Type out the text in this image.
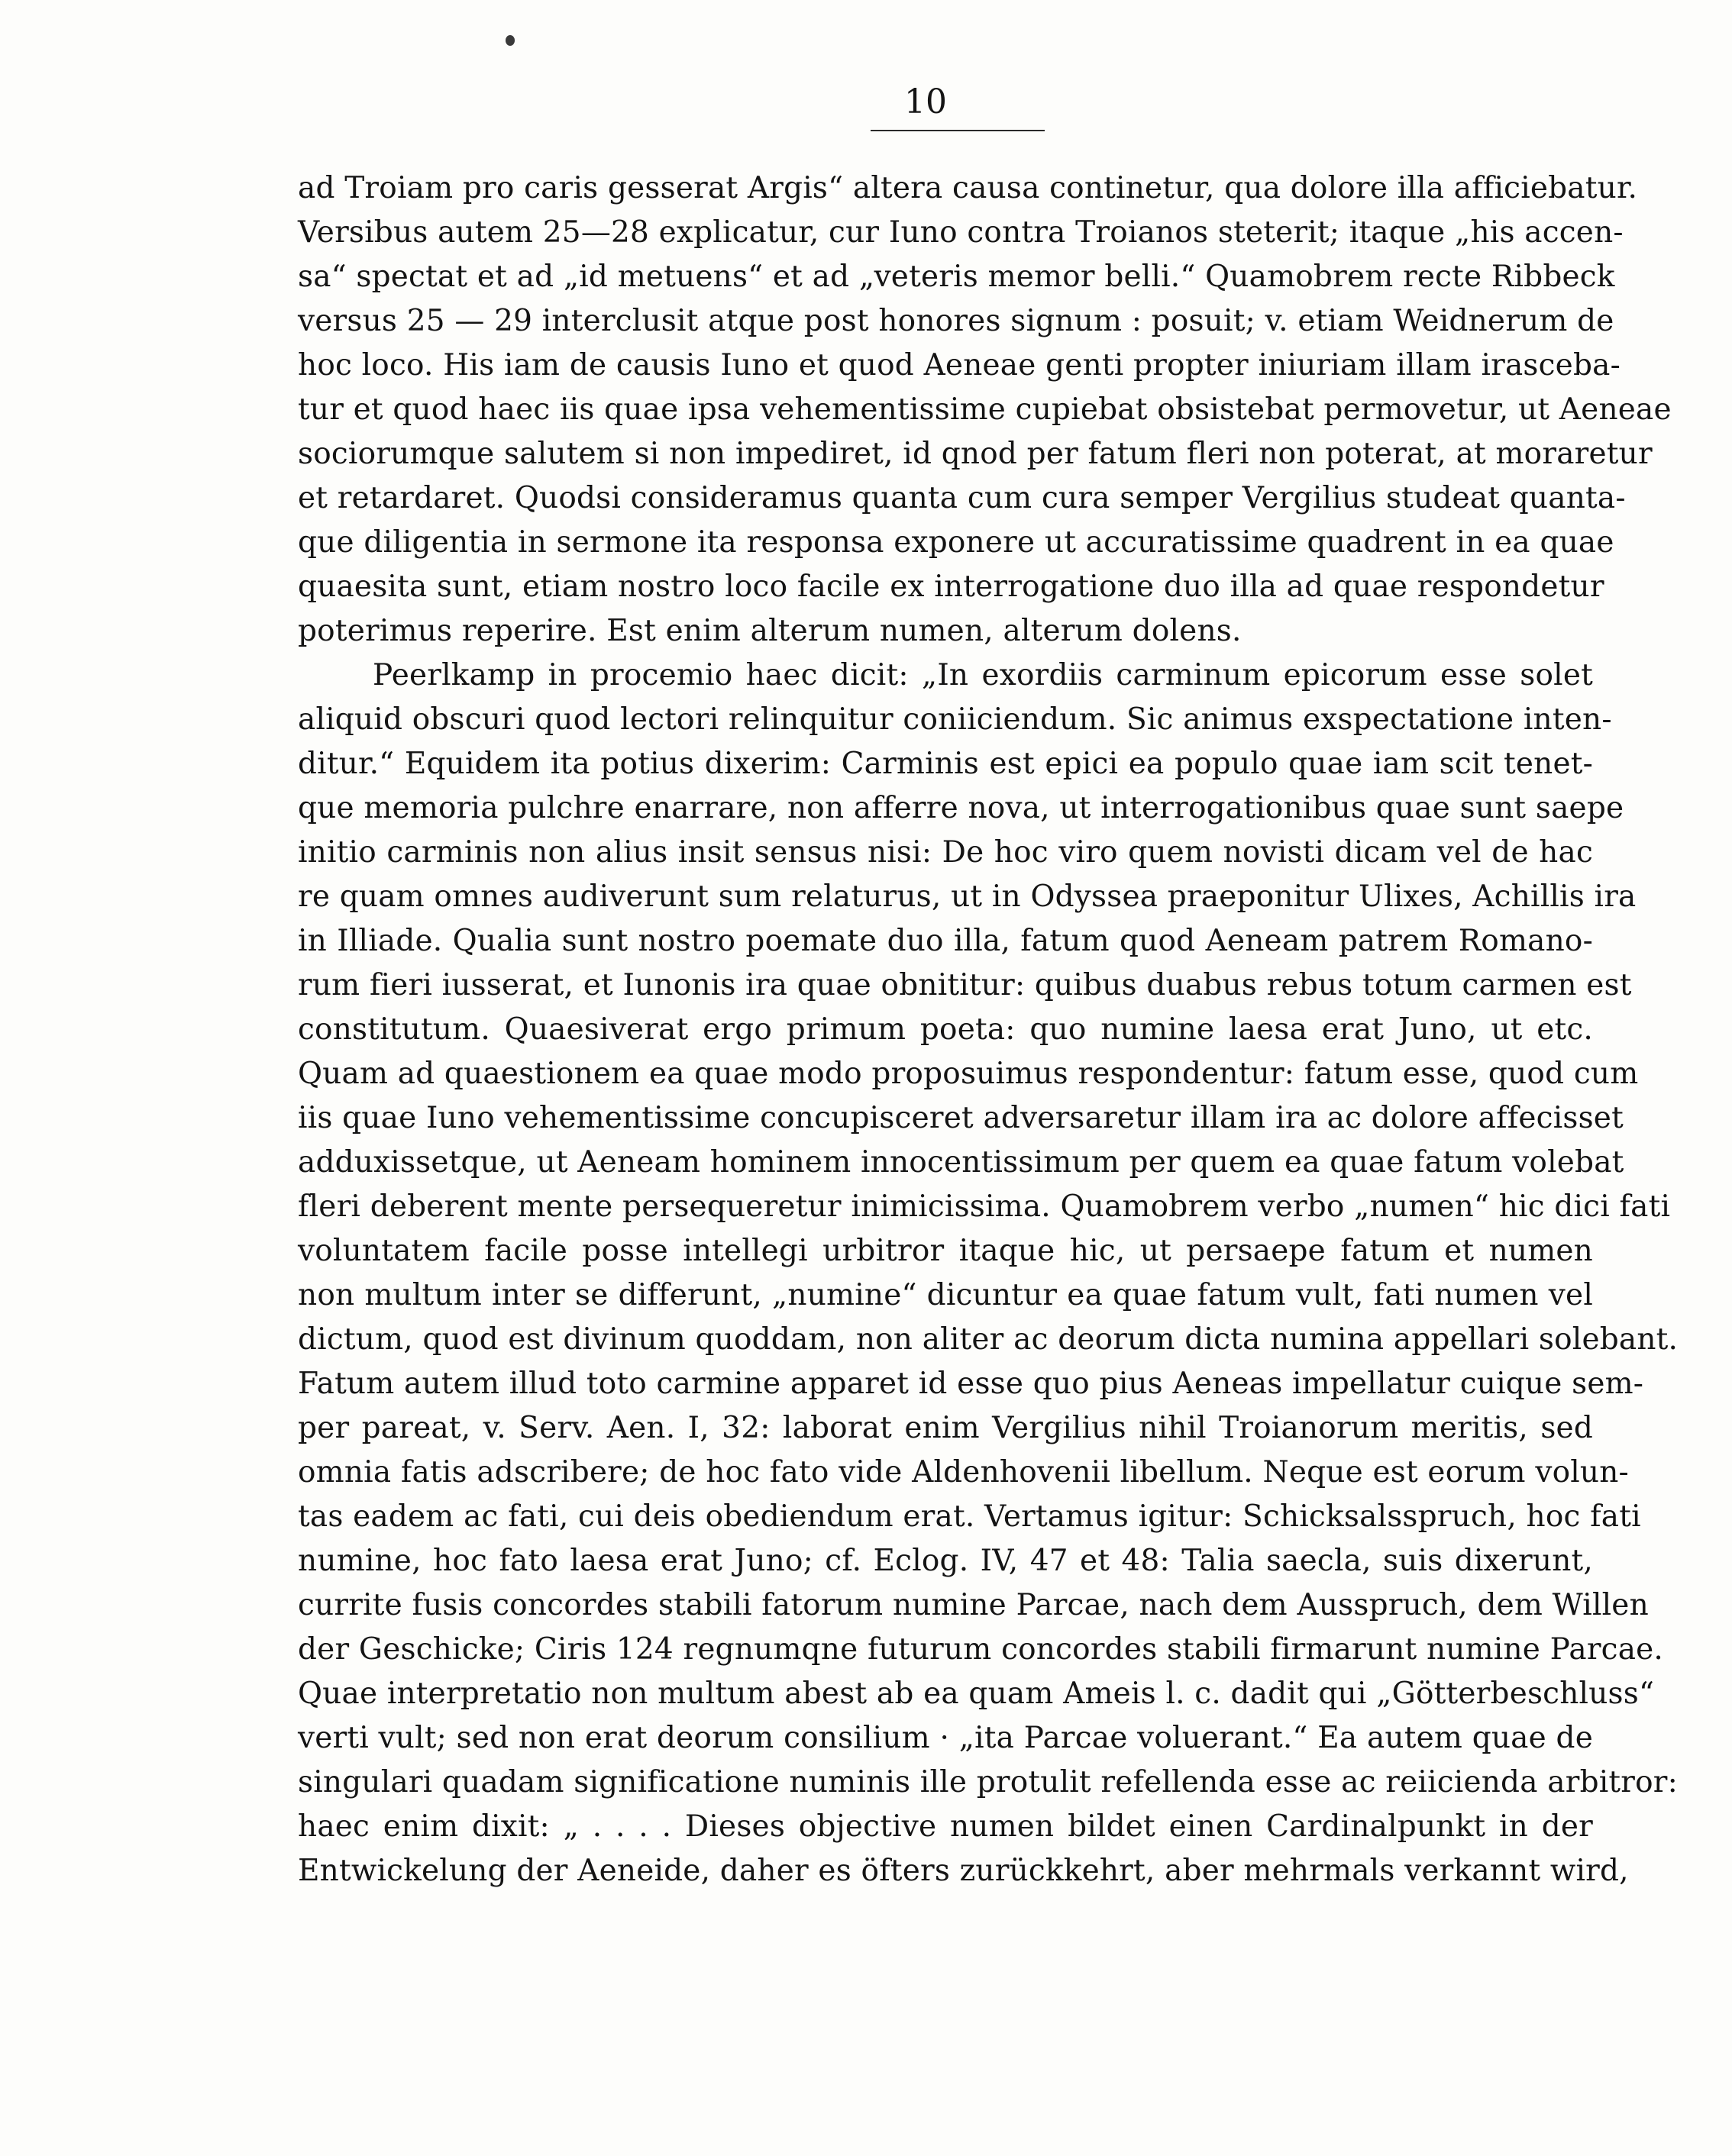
10
ad Troiam pro caris gesserat Argis“ altera causa continetur, qua dolore illa afficiebatur.
Versibus autem 25—28 explicatur, cur Iuno contra Troianos steterit; itaque „his accen-
sa“ spectat et ad „id metuens“ et ad „veteris memor belli.“ Quamobrem recte Ribbeck
versus 25 — 29 interclusit atque post honores signum : posuit; v. etiam Weidnerum de
hoc loco. His iam de causis Iuno et quod Aeneae genti propter iniuriam illam irasceba-
tur et quod haec iis quae ipsa vehementissime cupiebat obsistebat permovetur, ut Aeneae
sociorumque salutem si non impediret, id qnod per fatum fleri non poterat, at moraretur
et retardaret. Quodsi consideramus quanta cum cura semper Vergilius studeat quanta-
que diligentia in sermone ita responsa exponere ut accuratissime quadrent in ea quae
quaesita sunt, etiam nostro loco facile ex interrogatione duo illa ad quae respondetur
poterimus reperire. Est enim alterum numen, alterum dolens.
Peerlkamp in procemio haec dicit: „In exordiis carminum epicorum esse solet
aliquid obscuri quod lectori relinquitur coniiciendum. Sic animus exspectatione inten-
ditur.“ Equidem ita potius dixerim: Carminis est epici ea populo quae iam scit tenet-
que memoria pulchre enarrare, non afferre nova, ut interrogationibus quae sunt saepe
initio carminis non alius insit sensus nisi: De hoc viro quem novisti dicam vel de hac
re quam omnes audiverunt sum relaturus, ut in Odyssea praeponitur Ulixes, Achillis ira
in Illiade. Qualia sunt nostro poemate duo illa, fatum quod Aeneam patrem Romano-
rum fieri iusserat, et Iunonis ira quae obnititur: quibus duabus rebus totum carmen est
constitutum. Quaesiverat ergo primum poeta: quo numine laesa erat Juno, ut etc.
Quam ad quaestionem ea quae modo proposuimus respondentur: fatum esse, quod cum
iis quae Iuno vehementissime concupisceret adversaretur illam ira ac dolore affecisset
adduxissetque, ut Aeneam hominem innocentissimum per quem ea quae fatum volebat
fleri deberent mente persequeretur inimicissima. Quamobrem verbo „numen“ hic dici fati
voluntatem facile posse intellegi urbitror itaque hic, ut persaepe fatum et numen
non multum inter se differunt, „numine“ dicuntur ea quae fatum vult, fati numen vel
dictum, quod est divinum quoddam, non aliter ac deorum dicta numina appellari solebant.
Fatum autem illud toto carmine apparet id esse quo pius Aeneas impellatur cuique sem-
per pareat, v. Serv. Aen. I, 32: laborat enim Vergilius nihil Troianorum meritis, sed
omnia fatis adscribere; de hoc fato vide Aldenhovenii libellum. Neque est eorum volun-
tas eadem ac fati, cui deis obediendum erat. Vertamus igitur: Schicksalsspruch, hoc fati
numine, hoc fato laesa erat Juno; cf. Eclog. IV, 47 et 48: Talia saecla, suis dixerunt,
currite fusis concordes stabili fatorum numine Parcae, nach dem Ausspruch, dem Willen
der Geschicke; Ciris 124 regnumqne futurum concordes stabili firmarunt numine Parcae.
Quae interpretatio non multum abest ab ea quam Ameis l. c. dadit qui „Götterbeschluss“
verti vult; sed non erat deorum consilium · „ita Parcae voluerant.“ Ea autem quae de
singulari quadam significatione numinis ille protulit refellenda esse ac reiicienda arbitror:
haec enim dixit: „ . . . . Dieses objective numen bildet einen Cardinalpunkt in der
Entwickelung der Aeneide, daher es öfters zurückkehrt, aber mehrmals verkannt wird,
